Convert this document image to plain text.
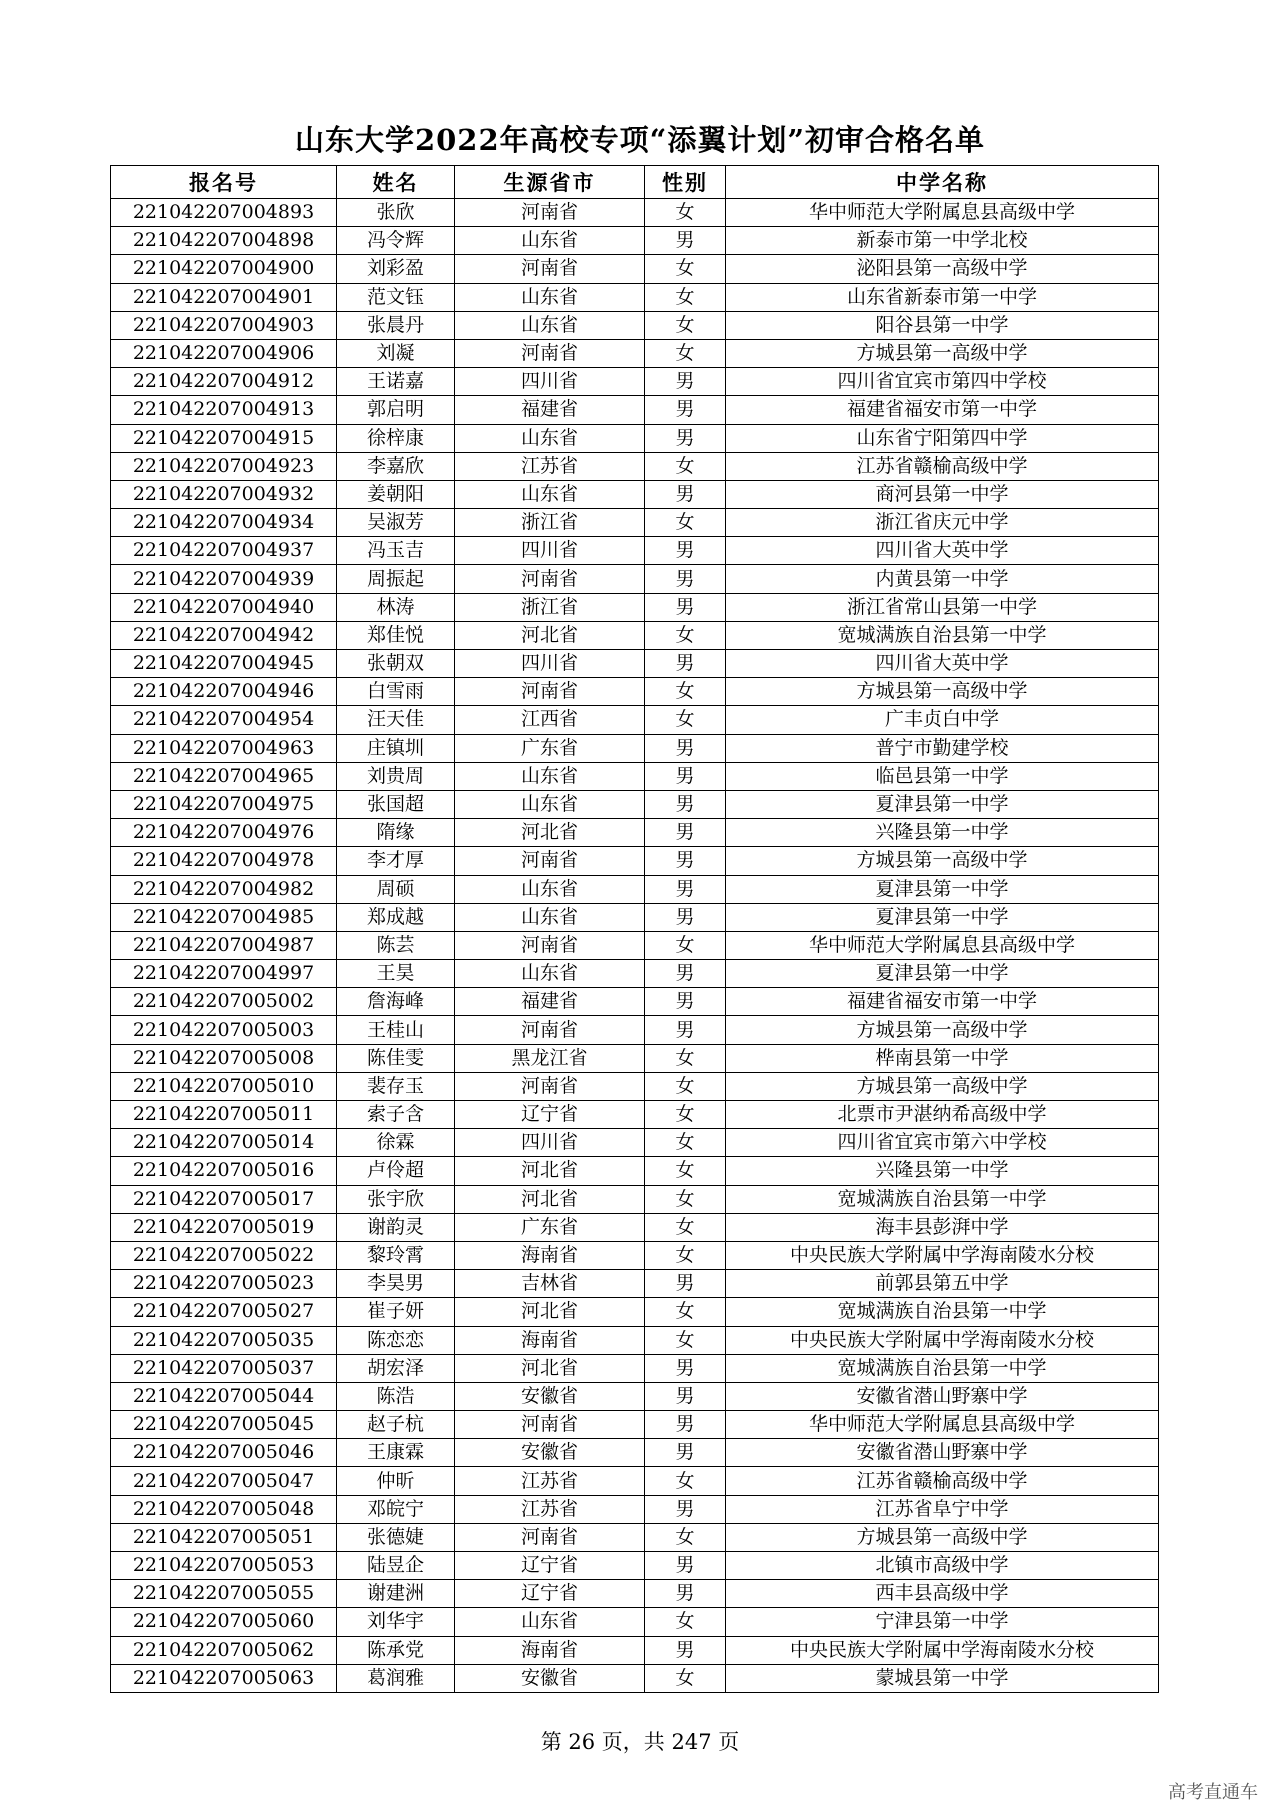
山东大学2022年高校专项“添翼计划”初审合格名单
报名号	姓名	生源省市	性别	中学名称
221042207004893	张欣	河南省	女	华中师范大学附属息县高级中学
221042207004898	冯令辉	山东省	男	新泰市第一中学北校
221042207004900	刘彩盈	河南省	女	泌阳县第一高级中学
221042207004901	范文钰	山东省	女	山东省新泰市第一中学
221042207004903	张晨丹	山东省	女	阳谷县第一中学
221042207004906	刘凝	河南省	女	方城县第一高级中学
221042207004912	王诺嘉	四川省	男	四川省宜宾市第四中学校
221042207004913	郭启明	福建省	男	福建省福安市第一中学
221042207004915	徐梓康	山东省	男	山东省宁阳第四中学
221042207004923	李嘉欣	江苏省	女	江苏省赣榆高级中学
221042207004932	姜朝阳	山东省	男	商河县第一中学
221042207004934	吴淑芳	浙江省	女	浙江省庆元中学
221042207004937	冯玉吉	四川省	男	四川省大英中学
221042207004939	周振起	河南省	男	内黄县第一中学
221042207004940	林涛	浙江省	男	浙江省常山县第一中学
221042207004942	郑佳悦	河北省	女	宽城满族自治县第一中学
221042207004945	张朝双	四川省	男	四川省大英中学
221042207004946	白雪雨	河南省	女	方城县第一高级中学
221042207004954	汪天佳	江西省	女	广丰贞白中学
221042207004963	庄镇圳	广东省	男	普宁市勤建学校
221042207004965	刘贵周	山东省	男	临邑县第一中学
221042207004975	张国超	山东省	男	夏津县第一中学
221042207004976	隋缘	河北省	男	兴隆县第一中学
221042207004978	李才厚	河南省	男	方城县第一高级中学
221042207004982	周硕	山东省	男	夏津县第一中学
221042207004985	郑成越	山东省	男	夏津县第一中学
221042207004987	陈芸	河南省	女	华中师范大学附属息县高级中学
221042207004997	王昊	山东省	男	夏津县第一中学
221042207005002	詹海峰	福建省	男	福建省福安市第一中学
221042207005003	王桂山	河南省	男	方城县第一高级中学
221042207005008	陈佳雯	黑龙江省	女	桦南县第一中学
221042207005010	裴存玉	河南省	女	方城县第一高级中学
221042207005011	索子含	辽宁省	女	北票市尹湛纳希高级中学
221042207005014	徐霖	四川省	女	四川省宜宾市第六中学校
221042207005016	卢伶超	河北省	女	兴隆县第一中学
221042207005017	张宇欣	河北省	女	宽城满族自治县第一中学
221042207005019	谢韵灵	广东省	女	海丰县彭湃中学
221042207005022	黎玲霄	海南省	女	中央民族大学附属中学海南陵水分校
221042207005023	李昊男	吉林省	男	前郭县第五中学
221042207005027	崔子妍	河北省	女	宽城满族自治县第一中学
221042207005035	陈恋恋	海南省	女	中央民族大学附属中学海南陵水分校
221042207005037	胡宏泽	河北省	男	宽城满族自治县第一中学
221042207005044	陈浩	安徽省	男	安徽省潜山野寨中学
221042207005045	赵子杭	河南省	男	华中师范大学附属息县高级中学
221042207005046	王康霖	安徽省	男	安徽省潜山野寨中学
221042207005047	仲昕	江苏省	女	江苏省赣榆高级中学
221042207005048	邓皖宁	江苏省	男	江苏省阜宁中学
221042207005051	张德婕	河南省	女	方城县第一高级中学
221042207005053	陆昱企	辽宁省	男	北镇市高级中学
221042207005055	谢建洲	辽宁省	男	西丰县高级中学
221042207005060	刘华宇	山东省	女	宁津县第一中学
221042207005062	陈承党	海南省	男	中央民族大学附属中学海南陵水分校
221042207005063	葛润雅	安徽省	女	蒙城县第一中学
第 26 页，共 247 页
高考直通车
